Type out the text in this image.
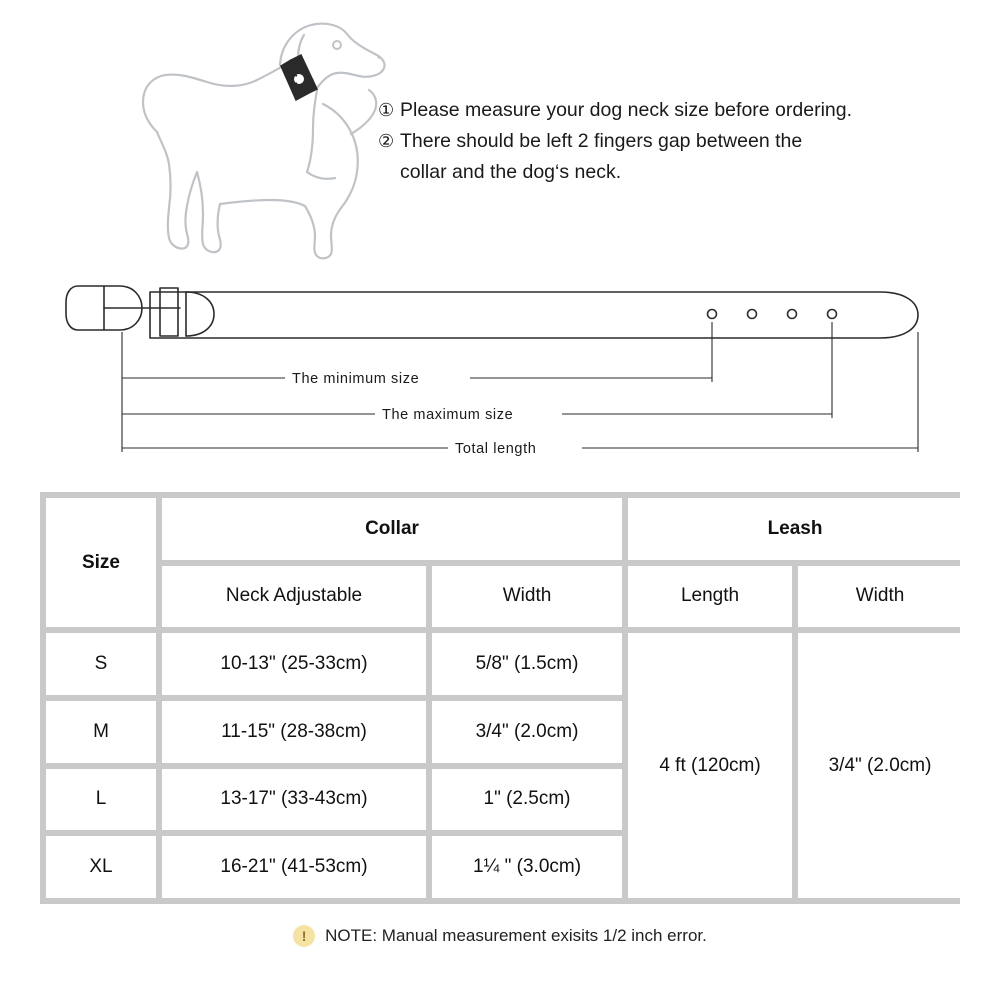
① Please measure your dog neck size before ordering.
② There should be left 2 fingers gap between the
collar and the dog‘s neck.
The minimum size
The maximum size
Total length
Size	Collar		Leash	
	Neck Adjustable	Width	Length	Width
S	10-13" (25-33cm)	5/8" (1.5cm)	4 ft (120cm)	3/4" (2.0cm)
M	11-15" (28-38cm)	3/4" (2.0cm)		
L	13-17" (33-43cm)	1" (2.5cm)		
XL	16-21" (41-53cm)	1¼ " (3.0cm)		
!	NOTE: Manual measurement exisits 1/2 inch error.
